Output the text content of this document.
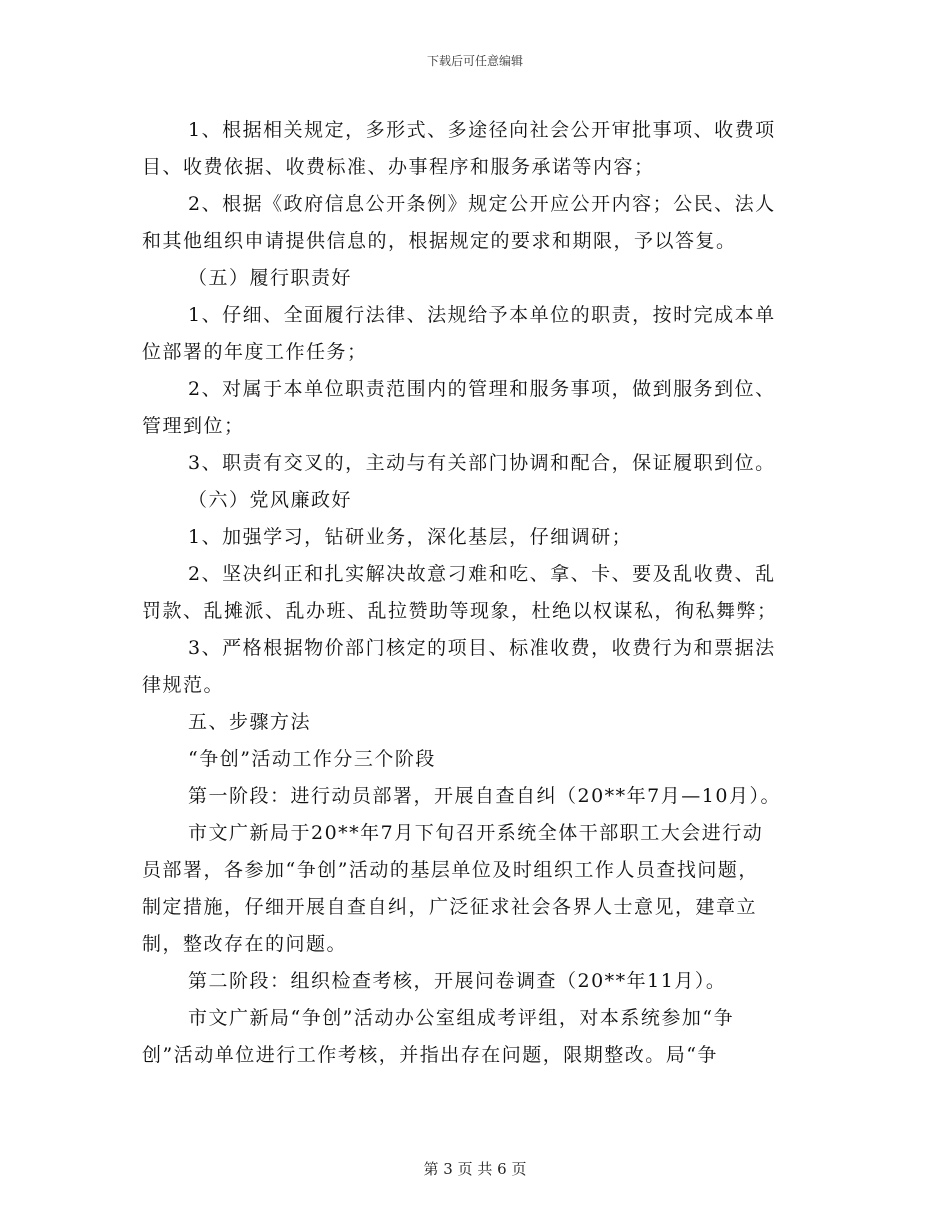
下载后可任意编辑
1、根据相关规定，多形式、多途径向社会公开审批事项、收费项
目、收费依据、收费标准、办事程序和服务承诺等内容；
2、根据《政府信息公开条例》规定公开应公开内容；公民、法人
和其他组织申请提供信息的，根据规定的要求和期限，予以答复。
（五）履行职责好
1、仔细、全面履行法律、法规给予本单位的职责，按时完成本单
位部署的年度工作任务；
2、对属于本单位职责范围内的管理和服务事项，做到服务到位、
管理到位；
3、职责有交叉的，主动与有关部门协调和配合，保证履职到位。
（六）党风廉政好
1、加强学习，钻研业务，深化基层，仔细调研；
2、坚决纠正和扎实解决故意刁难和吃、拿、卡、要及乱收费、乱
罚款、乱摊派、乱办班、乱拉赞助等现象，杜绝以权谋私，徇私舞弊；
3、严格根据物价部门核定的项目、标准收费，收费行为和票据法
律规范。
五、步骤方法
“争创”活动工作分三个阶段
第一阶段：进行动员部署，开展自查自纠（20**年7月—10月）。
市文广新局于20**年7月下旬召开系统全体干部职工大会进行动
员部署，各参加“争创”活动的基层单位及时组织工作人员查找问题，
制定措施，仔细开展自查自纠，广泛征求社会各界人士意见，建章立
制，整改存在的问题。
第二阶段：组织检查考核，开展问卷调查（20**年11月）。
市文广新局“争创”活动办公室组成考评组，对本系统参加“争
创”活动单位进行工作考核，并指出存在问题，限期整改。局“争
第 3 页 共 6 页
